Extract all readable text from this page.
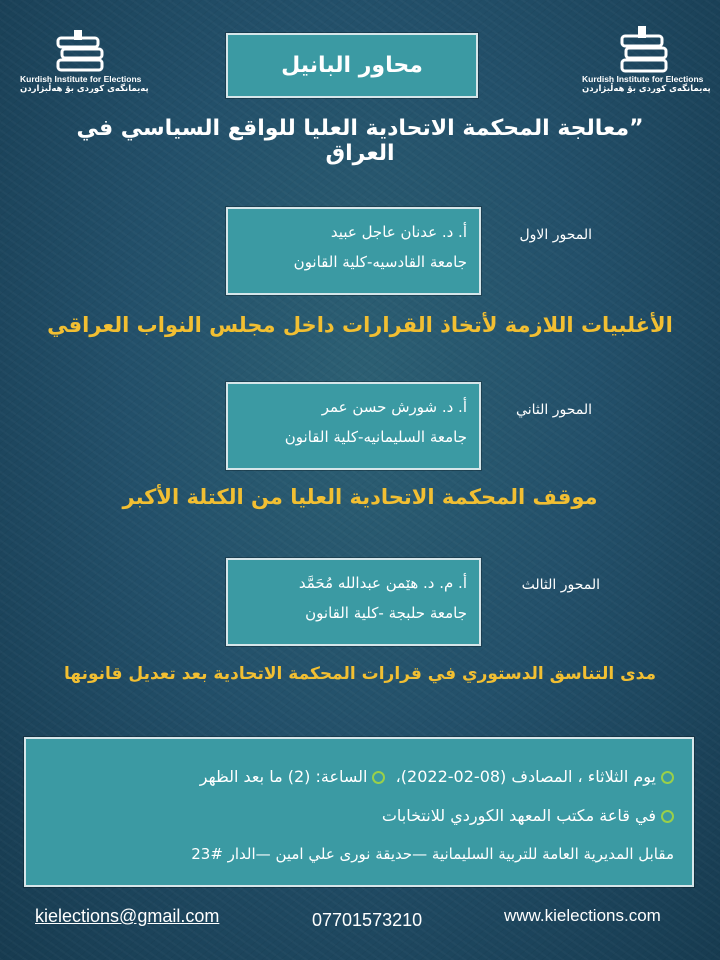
Kurdish Institute for Elections
پەیمانگەی کوردی بۆ هەڵبژاردن
Kurdish Institute for Elections
پەیمانگەی کوردی بۆ هەڵبژاردن
محاور البانيل
”معالجة المحكمة الاتحادية العليا للواقع السياسي في العراق
المحور الاول
أ. د. عدنان عاجل عبيد
جامعة القادسيه-كلية القانون
الأغلبيات اللازمة لأتخاذ القرارات داخل مجلس النواب العراقي
المحور الثاني
أ. د. شورش حسن عمر
جامعة السليمانيه-كلية القانون
موقف المحكمة الاتحادية العليا من الكتلة الأكبر
المحور الثالث
أ. م. د. هێمن عبدالله مُحَمَّد
جامعة حلبجة -كلية القانون
مدى التناسق الدستوري في قرارات المحكمة الاتحادية بعد تعديل قانونها
يوم الثلاثاء ، المصادف (08-02-2022)،  الساعة: (2) ما بعد الظهر
في قاعة مكتب المعهد الكوردي للانتخابات
مقابل المديرية العامة للتربية السليمانية —حديقة نورى علي امين —الدار #23
kielections@gmail.com	07701573210	www.kielections.com
